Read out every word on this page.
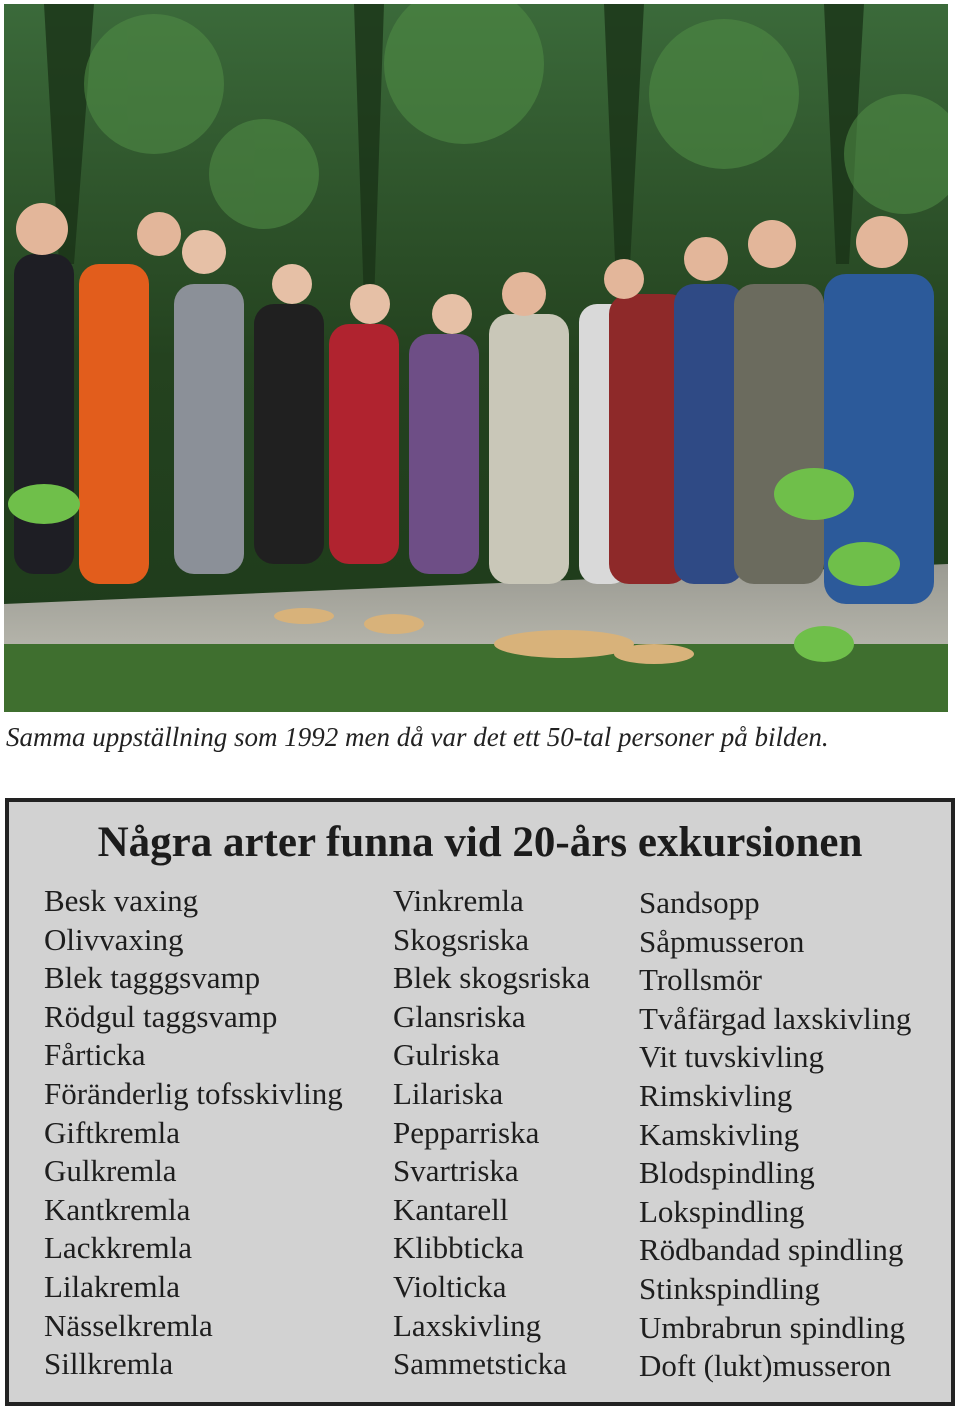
Samma uppställning som 1992 men då var det ett 50-tal personer på bilden.
Några arter funna vid 20-års exkursionen
Besk vaxing
Olivvaxing
Blek tagggsvamp
Rödgul taggsvamp
Fårticka
Föränderlig tofsskivling
Giftkremla
Gulkremla
Kantkremla
Lackkremla
Lilakremla
Nässelkremla
Sillkremla
Vinkremla
Skogsriska
Blek skogsriska
Glansriska
Gulriska
Lilariska
Pepparriska
Svartriska
Kantarell
Klibbticka
Violticka
Laxskivling
Sammetsticka
Sandsopp
Såpmusseron
Trollsmör
Tvåfärgad laxskivling
Vit tuvskivling
Rimskivling
Kamskivling
Blodspindling
Lokspindling
Rödbandad spindling
Stinkspindling
Umbrabrun spindling
Doft (lukt)musseron
